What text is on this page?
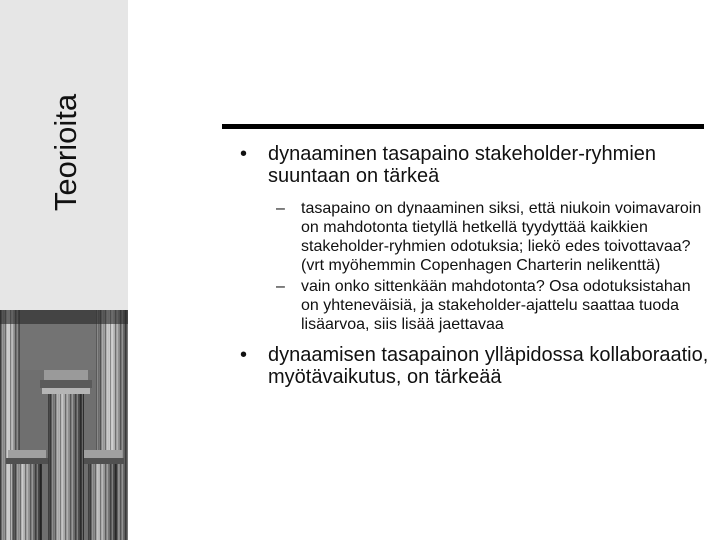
Teorioita	• dynaaminen tasapaino stakeholder-ryhmien suuntaan on tärkeä

– tasapaino on dynaaminen siksi, että niukoin voimavaroin on mahdotonta tietyllä hetkellä tyydyttää kaikkien stakeholder-ryhmien odotuksia; liekö edes toivottavaa? (vrt myöhemmin Copenhagen Charterin nelikenttä)

– vain onko sittenkään mahdotonta? Osa odotuksistahan on yhteneväisiä, ja stakeholder-ajattelu saattaa tuoda lisäarvoa, siis lisää jaettavaa

• dynaamisen tasapainon ylläpidossa kollaboraatio, myötävaikutus, on tärkeää
